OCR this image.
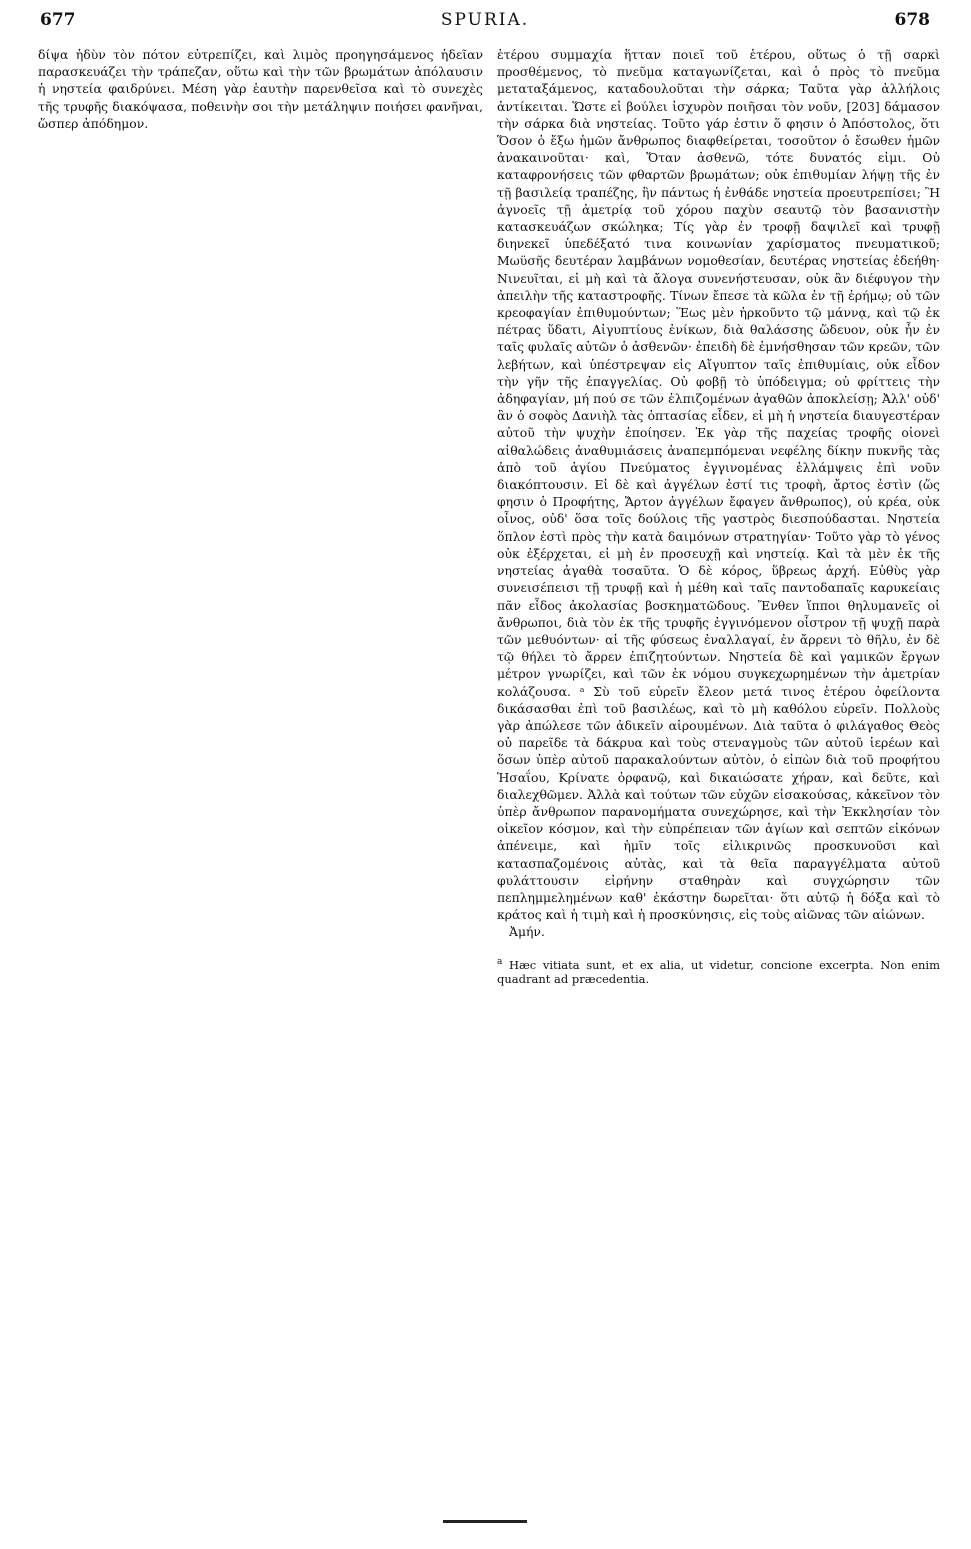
677	SPURIA.	678

δίψα ἡδὺν τὸν πότον εὐτρεπίζει, καὶ λιμὸς προηγησάμενος ἡδεῖαν παρασκευάζει τὴν τράπεζαν, οὕτω καὶ τὴν τῶν βρωμάτων ἀπόλαυσιν ἡ νηστεία φαιδρύνει. Μέση γὰρ ἑαυτὴν παρενθεῖσα καὶ τὸ συνεχὲς τῆς τρυφῆς διακόψασα, ποθεινὴν σοι τὴν μετάληψιν ποιήσει φανῆναι, ὥσπερ ἀπόδημον.

ἑτέρου συμμαχία ἥτταν ποιεῖ τοῦ ἑτέρου, οὕτως ὁ τῇ σαρκὶ προσθέμενος, τὸ πνεῦμα καταγωνίζεται, καὶ ὁ πρὸς τὸ πνεῦμα μεταταξάμενος, καταδουλοῦται τὴν σάρκα; Ταῦτα γὰρ ἀλλήλοις ἀντίκειται. Ὥστε εἰ βούλει ἰσχυρὸν ποιῆσαι τὸν νοῦν, [203] δάμασον τὴν σάρκα διὰ νηστείας. Τοῦτο γάρ ἐστιν ὅ φησιν ὁ Ἀπόστολος, ὅτι Ὅσον ὁ ἔξω ἡμῶν ἄνθρωπος διαφθείρεται, τοσοῦτον ὁ ἔσωθεν ἡμῶν ἀνακαινοῦται· καὶ, Ὅταν ἀσθενῶ, τότε δυνατός εἰμι. Οὐ καταφρονήσεις τῶν φθαρτῶν βρωμάτων; οὐκ ἐπιθυμίαν λήψῃ τῆς ἐν τῇ βασιλείᾳ τραπέζης, ἣν πάντως ἡ ἐνθάδε νηστεία προευτρεπίσει; Ἢ ἀγνοεῖς τῇ ἀμετρίᾳ τοῦ χόρου παχὺν σεαυτῷ τὸν βασανιστὴν κατασκευάζων σκώληκα; Τίς γὰρ ἐν τροφῇ δαψιλεῖ καὶ τρυφῇ διηνεκεῖ ὑπεδέξατό τινα κοινωνίαν χαρίσματος πνευματικοῦ; Μωϋσῆς δευτέραν λαμβάνων νομοθεσίαν, δευτέρας νηστείας ἐδεήθη· Νινευῖται, εἰ μὴ καὶ τὰ ἄλογα συνενήστευσαν, οὐκ ἂν διέφυγον τὴν ἀπειλὴν τῆς καταστροφῆς. Τίνων ἔπεσε τὰ κῶλα ἐν τῇ ἐρήμῳ; οὐ τῶν κρεοφαγίαν ἐπιθυμούντων; Ἕως μὲν ἠρκοῦντο τῷ μάννᾳ, καὶ τῷ ἐκ πέτρας ὕδατι, Αἰγυπτίους ἐνίκων, διὰ θαλάσσης ὥδευον, οὐκ ἦν ἐν ταῖς φυλαῖς αὐτῶν ὁ ἀσθενῶν· ἐπειδὴ δὲ ἐμνήσθησαν τῶν κρεῶν, τῶν λεβήτων, καὶ ὑπέστρεψαν εἰς Αἴγυπτον ταῖς ἐπιθυμίαις, οὐκ εἶδον τὴν γῆν τῆς ἐπαγγελίας. Οὐ φοβῇ τὸ ὑπόδειγμα; οὐ φρίττεις τὴν ἀδηφαγίαν, μή πού σε τῶν ἐλπιζομένων ἀγαθῶν ἀποκλείσῃ; Ἀλλ' οὐδ' ἂν ὁ σοφὸς Δανιὴλ τὰς ὀπτασίας εἶδεν, εἰ μὴ ἡ νηστεία διαυγεστέραν αὐτοῦ τὴν ψυχὴν ἐποίησεν. Ἐκ γὰρ τῆς παχείας τροφῆς οἱονεὶ αἰθαλώδεις ἀναθυμιάσεις ἀναπεμπόμεναι νεφέλης δίκην πυκνῆς τὰς ἀπὸ τοῦ ἁγίου Πνεύματος ἐγγινομένας ἐλλάμψεις ἐπὶ νοῦν διακόπτουσιν. Εἰ δὲ καὶ ἀγγέλων ἐστί τις τροφὴ, ἄρτος ἐστὶν (ὥς φησιν ὁ Προφήτης, Ἄρτον ἀγγέλων ἔφαγεν ἄνθρωπος), οὐ κρέα, οὐκ οἶνος, οὐδ' ὅσα τοῖς δούλοις τῆς γαστρὸς διεσπούδασται. Νηστεία ὅπλον ἐστὶ πρὸς τὴν κατὰ δαιμόνων στρατηγίαν· Τοῦτο γὰρ τὸ γένος οὐκ ἐξέρχεται, εἰ μὴ ἐν προσευχῇ καὶ νηστείᾳ. Καὶ τὰ μὲν ἐκ τῆς νηστείας ἀγαθὰ τοσαῦτα. Ὁ δὲ κόρος, ὕβρεως ἀρχή. Εὐθὺς γὰρ συνεισέπεισι τῇ τρυφῇ καὶ ἡ μέθη καὶ ταῖς παντοδαπαῖς καρυκείαις πᾶν εἶδος ἀκολασίας βοσκηματῶδους. Ἔνθεν ἵπποι θηλυμανεῖς οἱ ἄνθρωποι, διὰ τὸν ἐκ τῆς τρυφῆς ἐγγινόμενον οἶστρον τῇ ψυχῇ παρὰ τῶν μεθυόντων· αἱ τῆς φύσεως ἐναλλαγαί, ἐν ἄρρενι τὸ θῆλυ, ἐν δὲ τῷ θήλει τὸ ἄρρεν ἐπιζητούντων. Νηστεία δὲ καὶ γαμικῶν ἔργων μέτρον γνωρίζει, καὶ τῶν ἐκ νόμου συγκεχωρημένων τὴν ἀμετρίαν κολάζουσα. ᵃ Σὺ τοῦ εὑρεῖν ἔλεον μετά τινος ἑτέρου ὀφείλοντα δικάσασθαι ἐπὶ τοῦ βασιλέως, καὶ τὸ μὴ καθόλου εὑρεῖν. Πολλοὺς γὰρ ἀπώλεσε τῶν ἀδικεῖν αἱρουμένων. Διὰ ταῦτα ὁ φιλάγαθος Θεὸς οὐ παρεῖδε τὰ δάκρυα καὶ τοὺς στεναγμοὺς τῶν αὐτοῦ ἱερέων καὶ ὅσων ὑπὲρ αὐτοῦ παρακαλούντων αὐτὸν, ὁ εἰπὼν διὰ τοῦ προφήτου Ἡσαΐου, Κρίνατε ὀρφανῷ, καὶ δικαιώσατε χήραν, καὶ δεῦτε, καὶ διαλεχθῶμεν. Ἀλλὰ καὶ τούτων τῶν εὐχῶν εἰσακούσας, κἀκεῖνον τὸν ὑπὲρ ἄνθρωπον παρανομήματα συνεχώρησε, καὶ τὴν Ἐκκλησίαν τὸν οἰκεῖον κόσμον, καὶ τὴν εὐπρέπειαν τῶν ἁγίων καὶ σεπτῶν εἰκόνων ἀπένειμε, καὶ ἡμῖν τοῖς εἰλικρινῶς προσκυνοῦσι καὶ κατασπαζομένοις αὐτὰς, καὶ τὰ θεῖα παραγγέλματα αὐτοῦ φυλάττουσιν εἰρήνην σταθηρὰν καὶ συγχώρησιν τῶν πεπλημμελημένων καθ' ἑκάστην δωρεῖται· ὅτι αὐτῷ ἡ δόξα καὶ τὸ κράτος καὶ ἡ τιμὴ καὶ ἡ προσκύνησις, εἰς τοὺς αἰῶνας τῶν αἰώνων.

Ἀμήν.

$^a$ Hæc vitiata sunt, et ex alia, ut videtur, concione excerpta. Non enim quadrant ad præcedentia.
